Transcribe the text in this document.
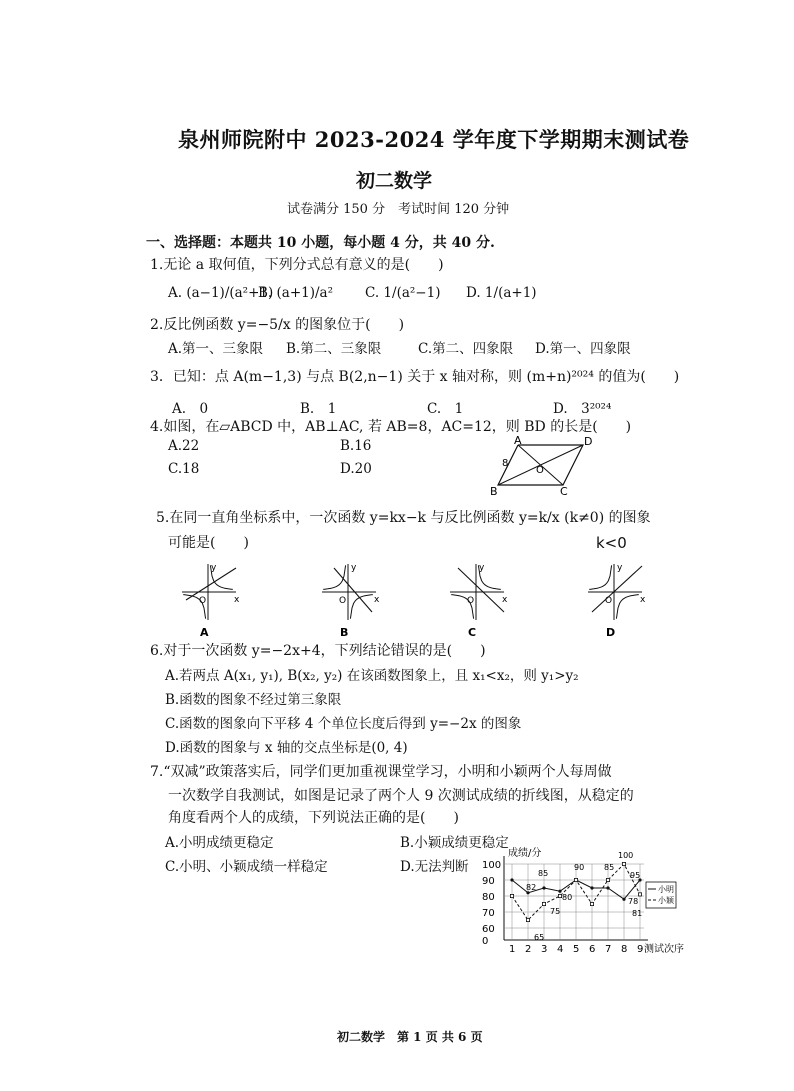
泉州师院附中 2023-2024 学年度下学期期末测试卷
初二数学
试卷满分 150 分　考试时间 120 分钟
一、选择题：本题共 10 小题，每小题 4 分，共 40 分.
1.无论 a 取何值，下列分式总有意义的是(　　)
A. (a−1)/(a²+1)
B. (a+1)/a² C. 1/(a²−1) D. 1/(a+1)
2.反比例函数 y=−5/x 的图象位于(　　)
A.第一、三象限 B.第二、三象限	C.第二、四象限 D.第一、四象限
3．已知：点 A(m−1,3) 与点 B(2,n−1) 关于 x 轴对称，则 (m+n)²⁰²⁴ 的值为(　　)
A.　0	B.　1	C.　1	D.　3²⁰²⁴
4.如图，在▱ABCD 中，AB⊥AC, 若 AB=8，AC=12，则 BD 的长是(　　)
A.22	B.16
C.18	D.20
A	D
B	C
O
8
5.在同一直角坐标系中，一次函数 y=kx−k 与反比例函数 y=k/x (k≠0) 的图象
可能是(　　)	k<0
x
y
O
A
x
y
O
B
x
y
O
C
x
y
O
D
6.对于一次函数 y=−2x+4，下列结论错误的是(　　)
A.若两点 A(x₁, y₁), B(x₂, y₂) 在该函数图象上，且 x₁<x₂，则 y₁>y₂
B.函数的图象不经过第三象限
C.函数的图象向下平移 4 个单位长度后得到 y=−2x 的图象
D.函数的图象与 x 轴的交点坐标是(0, 4)
7.“双减”政策落实后，同学们更加重视课堂学习，小明和小颖两个人每周做
一次数学自我测试，如图是记录了两个人 9 次测试成绩的折线图，从稳定的
角度看两个人的成绩，下列说法正确的是(　　)
A.小明成绩更稳定	B.小颖成绩更稳定
C.小明、小颖成绩一样稳定	D.无法判断
成绩/分
测试次序
0
60
70
80
90
100
1 2 3 4 5 6 7 8 9
82
85
90
75
80
65
95
85
100
78
81
小明
小颖
初二数学　第 1 页 共 6 页
